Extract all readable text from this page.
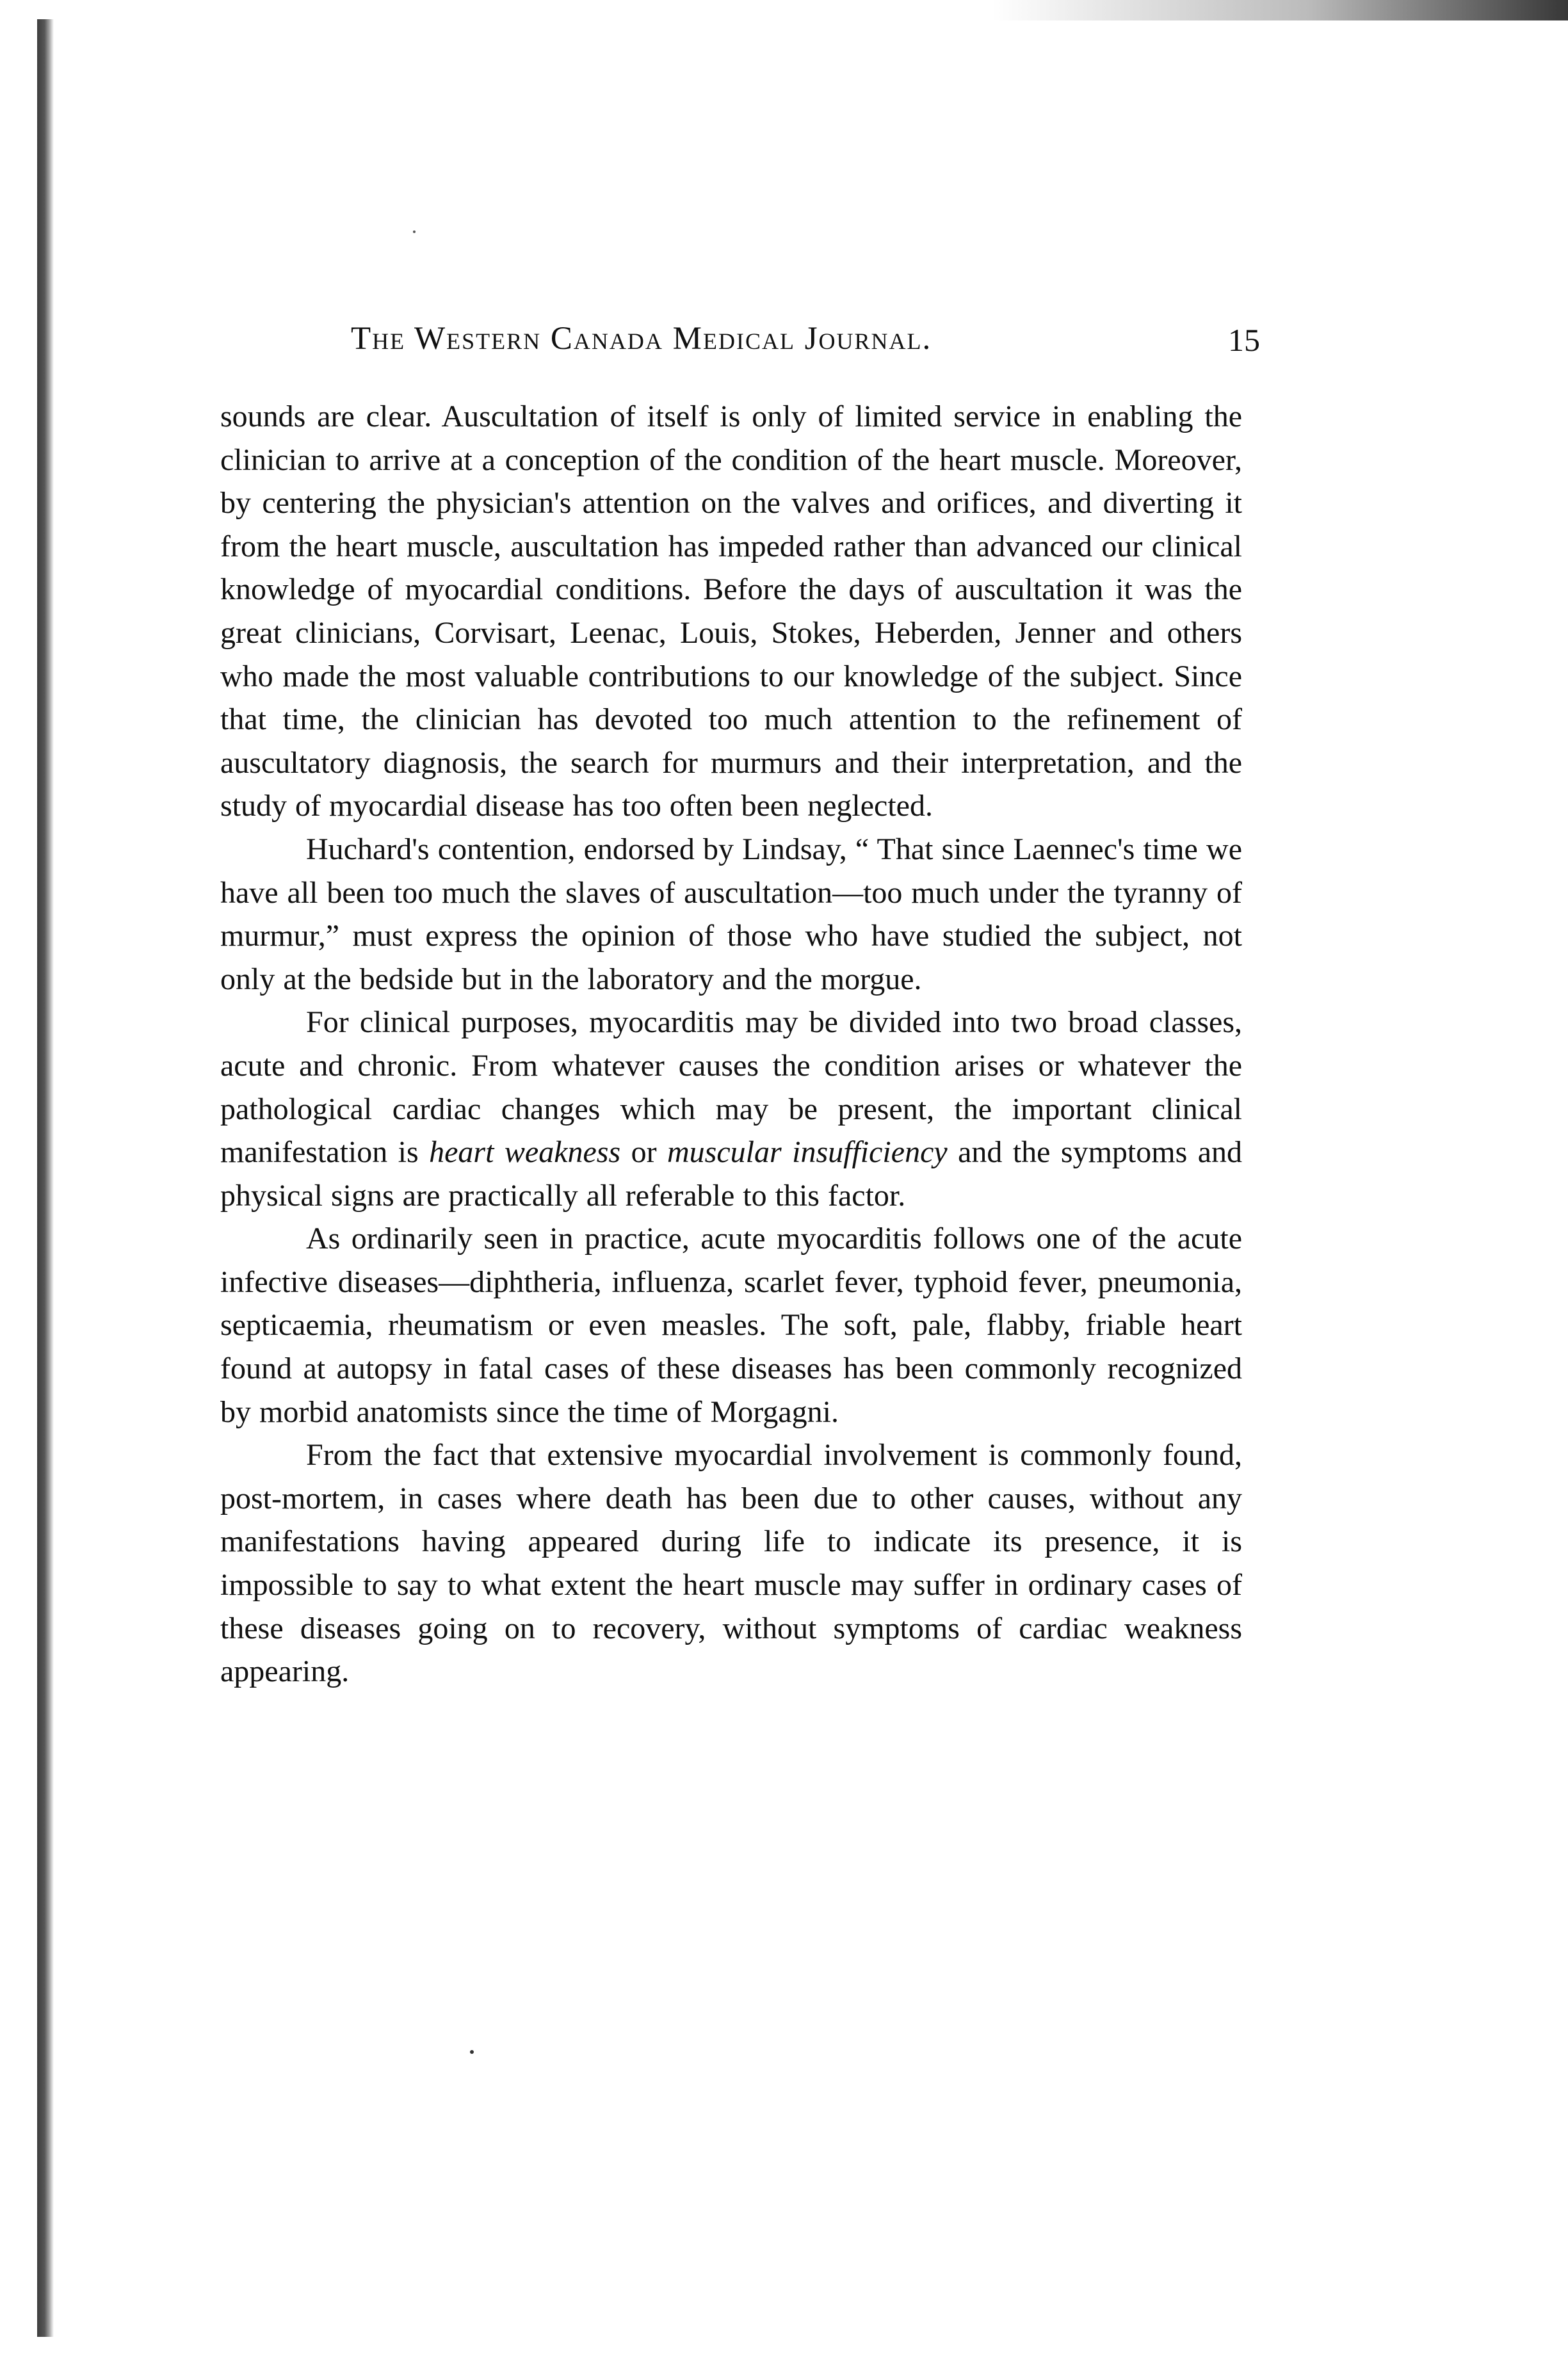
The Western Canada Medical Journal.	15

sounds are clear. Auscultation of itself is only of limited service in enabling the clinician to arrive at a conception of the condition of the heart muscle. Moreover, by centering the physician's attention on the valves and orifices, and diverting it from the heart muscle, auscultation has impeded rather than advanced our clinical knowledge of myocardial conditions. Before the days of auscultation it was the great clinicians, Corvisart, Leenac, Louis, Stokes, Heberden, Jenner and others who made the most valuable contributions to our knowledge of the subject. Since that time, the clinician has devoted too much attention to the refinement of auscultatory diagnosis, the search for murmurs and their interpretation, and the study of myocardial disease has too often been neglected.

Huchard's contention, endorsed by Lindsay, “ That since Laennec's time we have all been too much the slaves of auscultation—too much under the tyranny of murmur,” must express the opinion of those who have studied the subject, not only at the bedside but in the laboratory and the morgue.

For clinical purposes, myocarditis may be divided into two broad classes, acute and chronic. From whatever causes the condition arises or whatever the pathological cardiac changes which may be present, the important clinical manifestation is heart weakness or muscular insufficiency and the symptoms and physical signs are practically all referable to this factor.

As ordinarily seen in practice, acute myocarditis follows one of the acute infective diseases—diphtheria, influenza, scarlet fever, typhoid fever, pneumonia, septicaemia, rheumatism or even measles. The soft, pale, flabby, friable heart found at autopsy in fatal cases of these diseases has been commonly recognized by morbid anatomists since the time of Morgagni.

From the fact that extensive myocardial involvement is commonly found, post-mortem, in cases where death has been due to other causes, without any manifestations having appeared during life to indicate its presence, it is impossible to say to what extent the heart muscle may suffer in ordinary cases of these diseases going on to recovery, without symptoms of cardiac weakness appearing.
